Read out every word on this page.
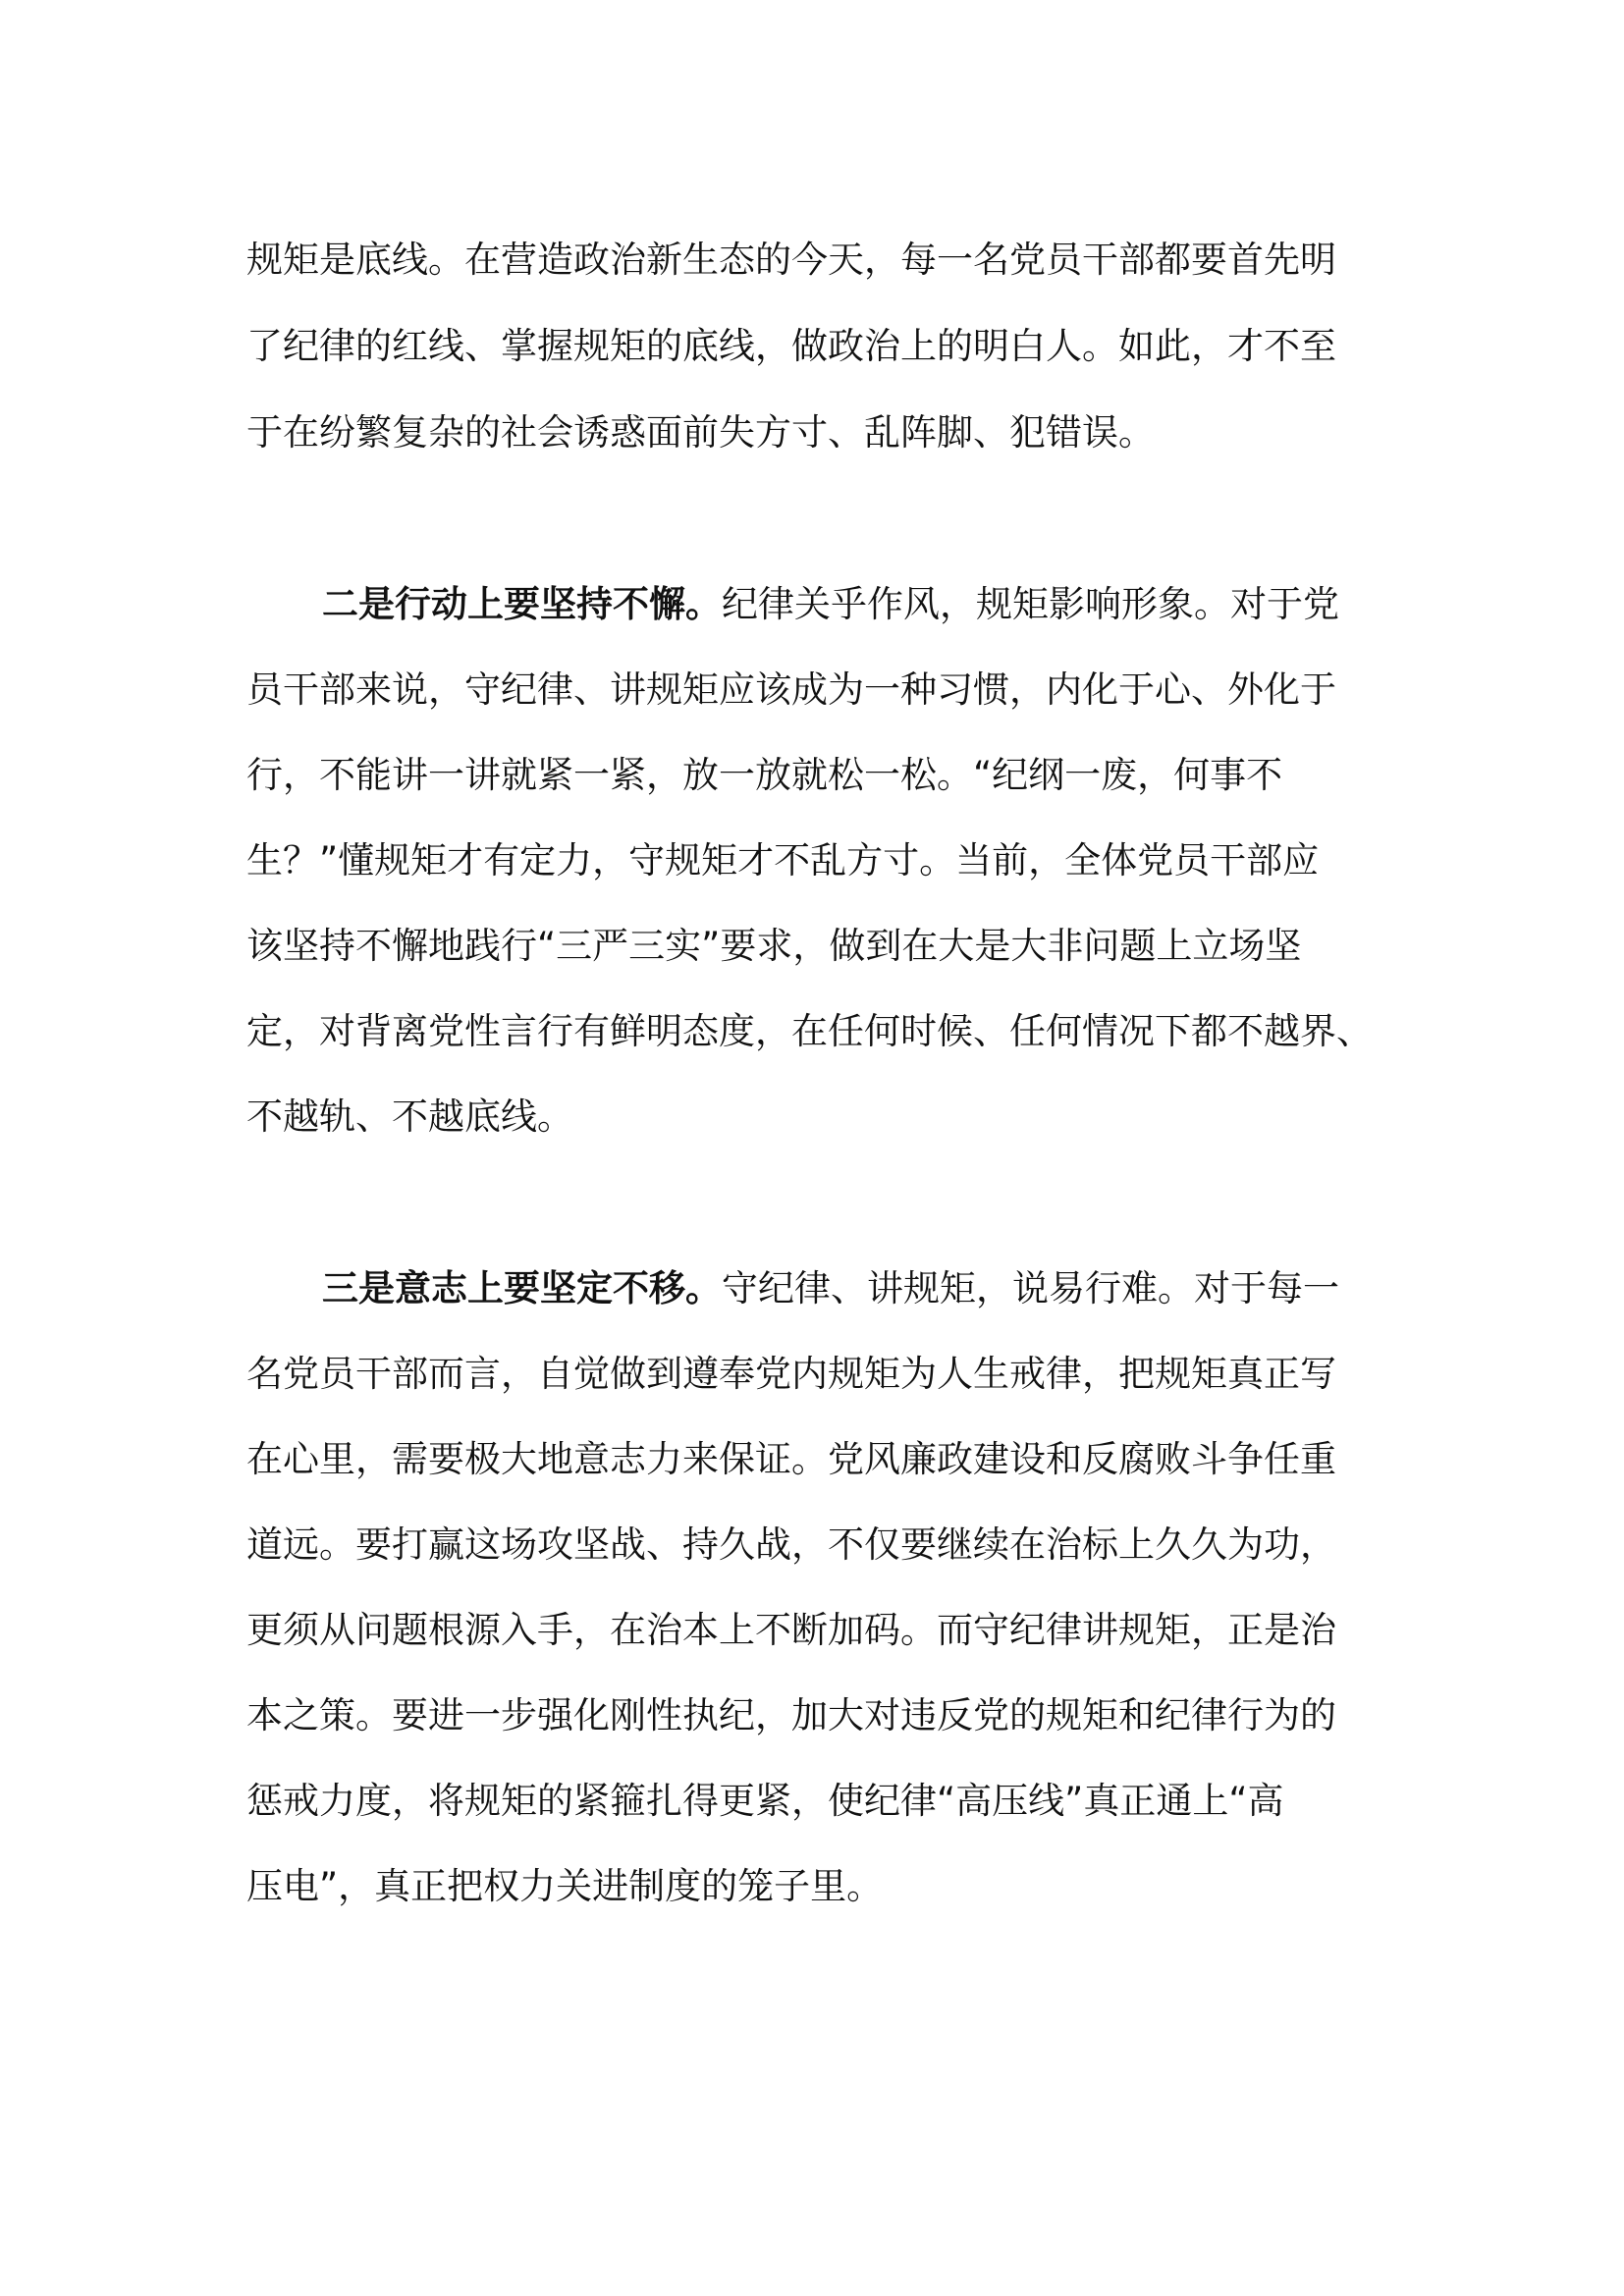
规矩是底线。在营造政治新生态的今天，每一名党员干部都要首先明
了纪律的红线、掌握规矩的底线，做政治上的明白人。如此，才不至
于在纷繁复杂的社会诱惑面前失方寸、乱阵脚、犯错误。
二是行动上要坚持不懈。纪律关乎作风，规矩影响形象。对于党
员干部来说，守纪律、讲规矩应该成为一种习惯，内化于心、外化于
行，不能讲一讲就紧一紧，放一放就松一松。“纪纲一废，何事不
生？”懂规矩才有定力，守规矩才不乱方寸。当前，全体党员干部应
该坚持不懈地践行“三严三实”要求，做到在大是大非问题上立场坚
定，对背离党性言行有鲜明态度，在任何时候、任何情况下都不越界、
不越轨、不越底线。
三是意志上要坚定不移。守纪律、讲规矩，说易行难。对于每一
名党员干部而言，自觉做到遵奉党内规矩为人生戒律，把规矩真正写
在心里，需要极大地意志力来保证。党风廉政建设和反腐败斗争任重
道远。要打赢这场攻坚战、持久战，不仅要继续在治标上久久为功，
更须从问题根源入手，在治本上不断加码。而守纪律讲规矩，正是治
本之策。要进一步强化刚性执纪，加大对违反党的规矩和纪律行为的
惩戒力度，将规矩的紧箍扎得更紧，使纪律“高压线”真正通上“高
压电”，真正把权力关进制度的笼子里。
